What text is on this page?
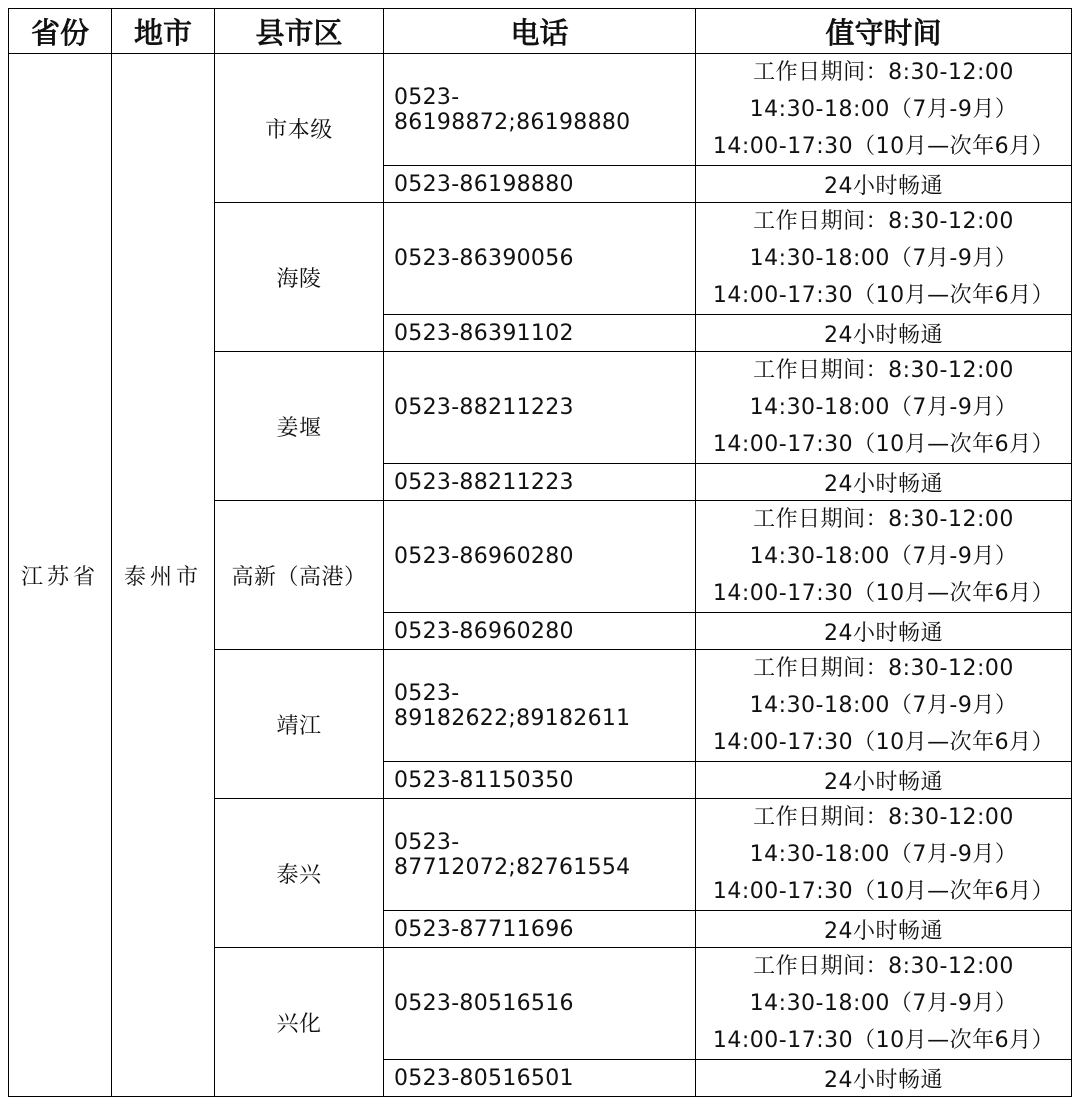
省份	地市	县市区	电话	值守时间
江苏省	泰州市	市本级	0523-86198872;86198880	工作日期间：8:30-12:00
14:30-18:00（7月-9月）
14:00-17:30（10月—次年6月）

			0523-86198880	24小时畅通
		海陵	0523-86390056	工作日期间：8:30-12:00
14:30-18:00（7月-9月）
14:00-17:30（10月—次年6月）

			0523-86391102	24小时畅通
		姜堰	0523-88211223	工作日期间：8:30-12:00
14:30-18:00（7月-9月）
14:00-17:30（10月—次年6月）

			0523-88211223	24小时畅通
		高新（高港）	0523-86960280	工作日期间：8:30-12:00
14:30-18:00（7月-9月）
14:00-17:30（10月—次年6月）

			0523-86960280	24小时畅通
		靖江	0523-89182622;89182611	工作日期间：8:30-12:00
14:30-18:00（7月-9月）
14:00-17:30（10月—次年6月）

			0523-81150350	24小时畅通
		泰兴	0523-87712072;82761554	工作日期间：8:30-12:00
14:30-18:00（7月-9月）
14:00-17:30（10月—次年6月）

			0523-87711696	24小时畅通
		兴化	0523-80516516	工作日期间：8:30-12:00
14:30-18:00（7月-9月）
14:00-17:30（10月—次年6月）

			0523-80516501	24小时畅通
